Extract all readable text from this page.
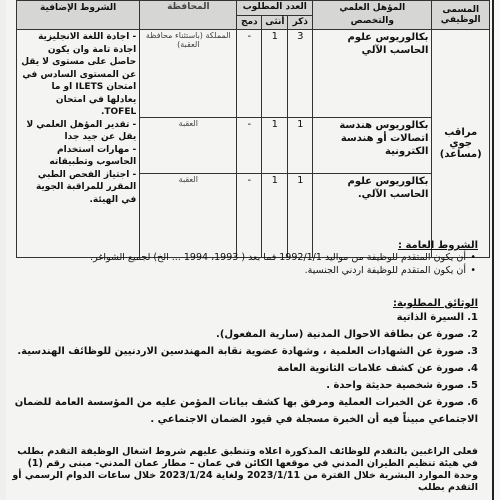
المسمى الوظيفي	المؤهل العلمي والتخصص	العدد المطلوب			المحافظة	الشروط الإضافية
		ذكر	أنثى	دمج		
مراقب جوي (مساعد)	بكالوريوس علوم الحاسب الآلي	3	1	-	المملكة (باستثناء محافظة العقبة)	- اجادة اللغة الانجليزية اجادة تامة وان يكون حاصل على مستوى لا يقل عن المستوى السادس في امتحان ILETS او ما يعادلها في امتحان TOFEL.
- تقدير المؤهل العلمي لا يقل عن جيد جدا
- مهارات استخدام الحاسوب وتطبيقاته
- اجتياز الفحص الطبي المقرر للمراقبة الجوية في الهيئة.

	بكالوريوس هندسة اتصالات أو هندسة الكترونية	1	1	-	العقبة	
	بكالوريوس علوم الحاسب الآلي.	1	1	-	العقبة	
الشروط العامة :
• أن يكون المتقدم للوظيفة من مواليد 1992/1/1 فما بعد ( 1993، 1994 ... الخ) لجميع الشواغر.
• أن يكون المتقدم للوظيفة اردني الجنسية.
الوثائق المطلوبة:
1.السيرة الذاتية
2.صورة عن بطاقة الاحوال المدنية (سارية المفعول).
3.صورة عن الشهادات العلمية ، وشهادة عضوية نقابة المهندسين الاردنيين للوظائف الهندسية.
4.صورة عن كشف علامات الثانوية العامة
5.صورة شخصية حديثة واحدة .
6.صورة عن الخبرات العملية ومرفق بها كشف بيانات المؤمن عليه من المؤسسة العامة للضمان الاجتماعي مبيناً فيه أن الخبرة مسجلة في قيود الضمان الاجتماعي .
فعلى الراغبين بالتقدم للوظائف المذكورة اعلاه وتنطبق عليهم شروط اشغال الوظيفة التقدم بطلب في هيئة تنظيم الطيران المدني في موقعها الكائن في عمان – مطار عمان المدني- مبنى رقم (1) وحدة الموارد البشرية خلال الفترة من 2023/1/11 ولغاية 2023/1/24 خلال ساعات الدوام الرسمي أو التقدم بطلب
